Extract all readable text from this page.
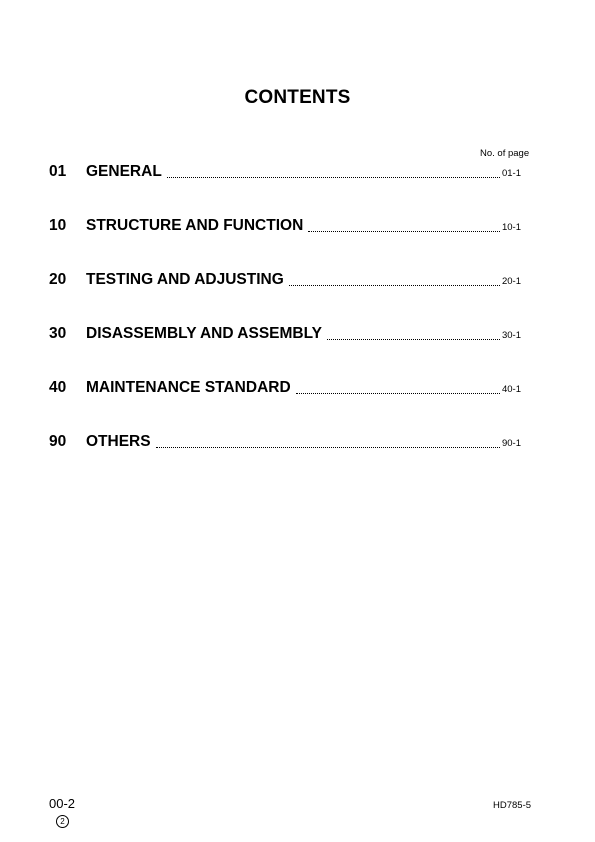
CONTENTS
No. of page
01	GENERAL	01-1
10	STRUCTURE AND FUNCTION	10-1
20	TESTING AND ADJUSTING	20-1
30	DISASSEMBLY AND ASSEMBLY	30-1
40	MAINTENANCE STANDARD	40-1
90	OTHERS	90-1
00-2
2
HD785-5
